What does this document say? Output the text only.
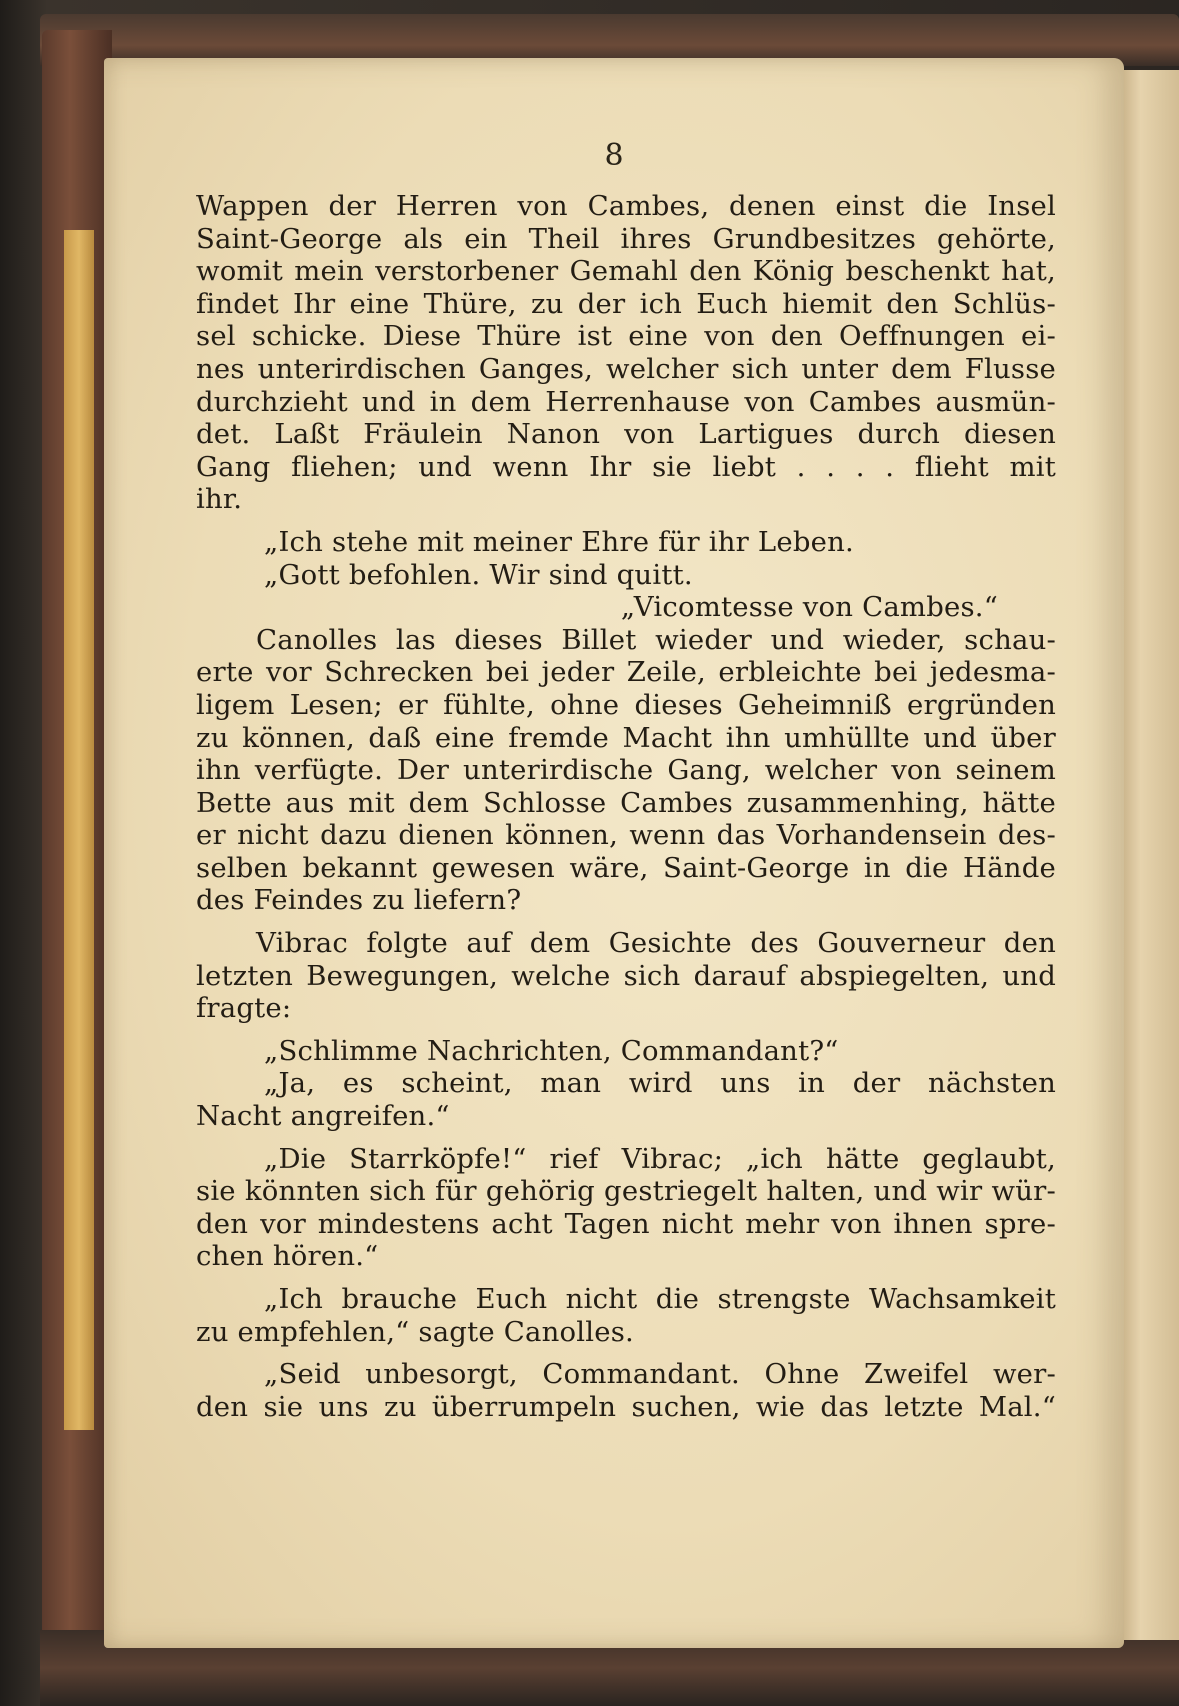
8
Wappen der Herren von Cambes, denen einst die Insel
Saint-George als ein Theil ihres Grundbesitzes gehörte,
womit mein verstorbener Gemahl den König beschenkt hat,
findet Ihr eine Thüre, zu der ich Euch hiemit den Schlüs-
sel schicke. Diese Thüre ist eine von den Oeffnungen ei-
nes unterirdischen Ganges, welcher sich unter dem Flusse
durchzieht und in dem Herrenhause von Cambes ausmün-
det. Laßt Fräulein Nanon von Lartigues durch diesen
Gang fliehen; und wenn Ihr sie liebt . . . . flieht mit
ihr.
„Ich stehe mit meiner Ehre für ihr Leben.
„Gott befohlen. Wir sind quitt.
„Vicomtesse von Cambes.“
Canolles las dieses Billet wieder und wieder, schau-
erte vor Schrecken bei jeder Zeile, erbleichte bei jedesma-
ligem Lesen; er fühlte, ohne dieses Geheimniß ergründen
zu können, daß eine fremde Macht ihn umhüllte und über
ihn verfügte. Der unterirdische Gang, welcher von seinem
Bette aus mit dem Schlosse Cambes zusammenhing, hätte
er nicht dazu dienen können, wenn das Vorhandensein des-
selben bekannt gewesen wäre, Saint-George in die Hände
des Feindes zu liefern?
Vibrac folgte auf dem Gesichte des Gouverneur den
letzten Bewegungen, welche sich darauf abspiegelten, und
fragte:
„Schlimme Nachrichten, Commandant?“
„Ja, es scheint, man wird uns in der nächsten
Nacht angreifen.“
„Die Starrköpfe!“ rief Vibrac; „ich hätte geglaubt,
sie könnten sich für gehörig gestriegelt halten, und wir wür-
den vor mindestens acht Tagen nicht mehr von ihnen spre-
chen hören.“
„Ich brauche Euch nicht die strengste Wachsamkeit
zu empfehlen,“ sagte Canolles.
„Seid unbesorgt, Commandant. Ohne Zweifel wer-
den sie uns zu überrumpeln suchen, wie das letzte Mal.“
